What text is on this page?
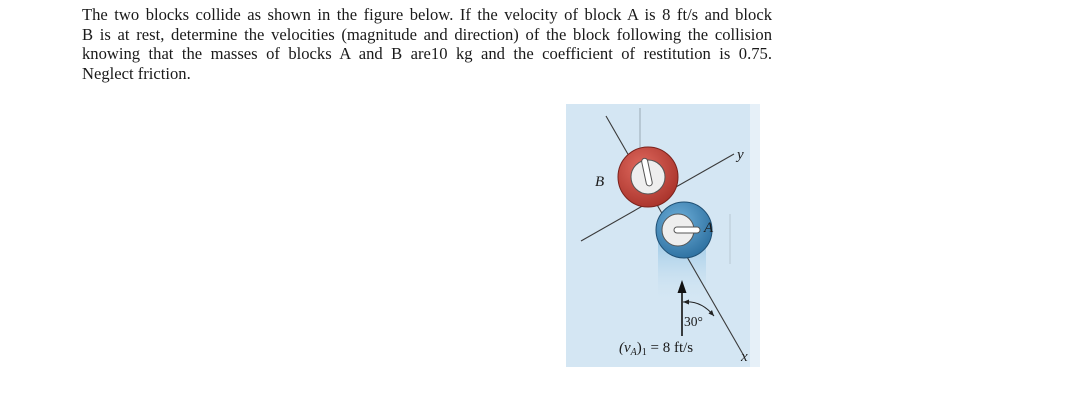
The two blocks collide as shown in the figure below. If the velocity of block A is 8 ft/s and block
B is at rest, determine the velocities (magnitude and direction) of the block following the collision
knowing that the masses of blocks A and B are10 kg and the coefficient of restitution is 0.75.
Neglect friction.
B
A
y
x
30°
$(v_A)_1 = 8$ ft/s
